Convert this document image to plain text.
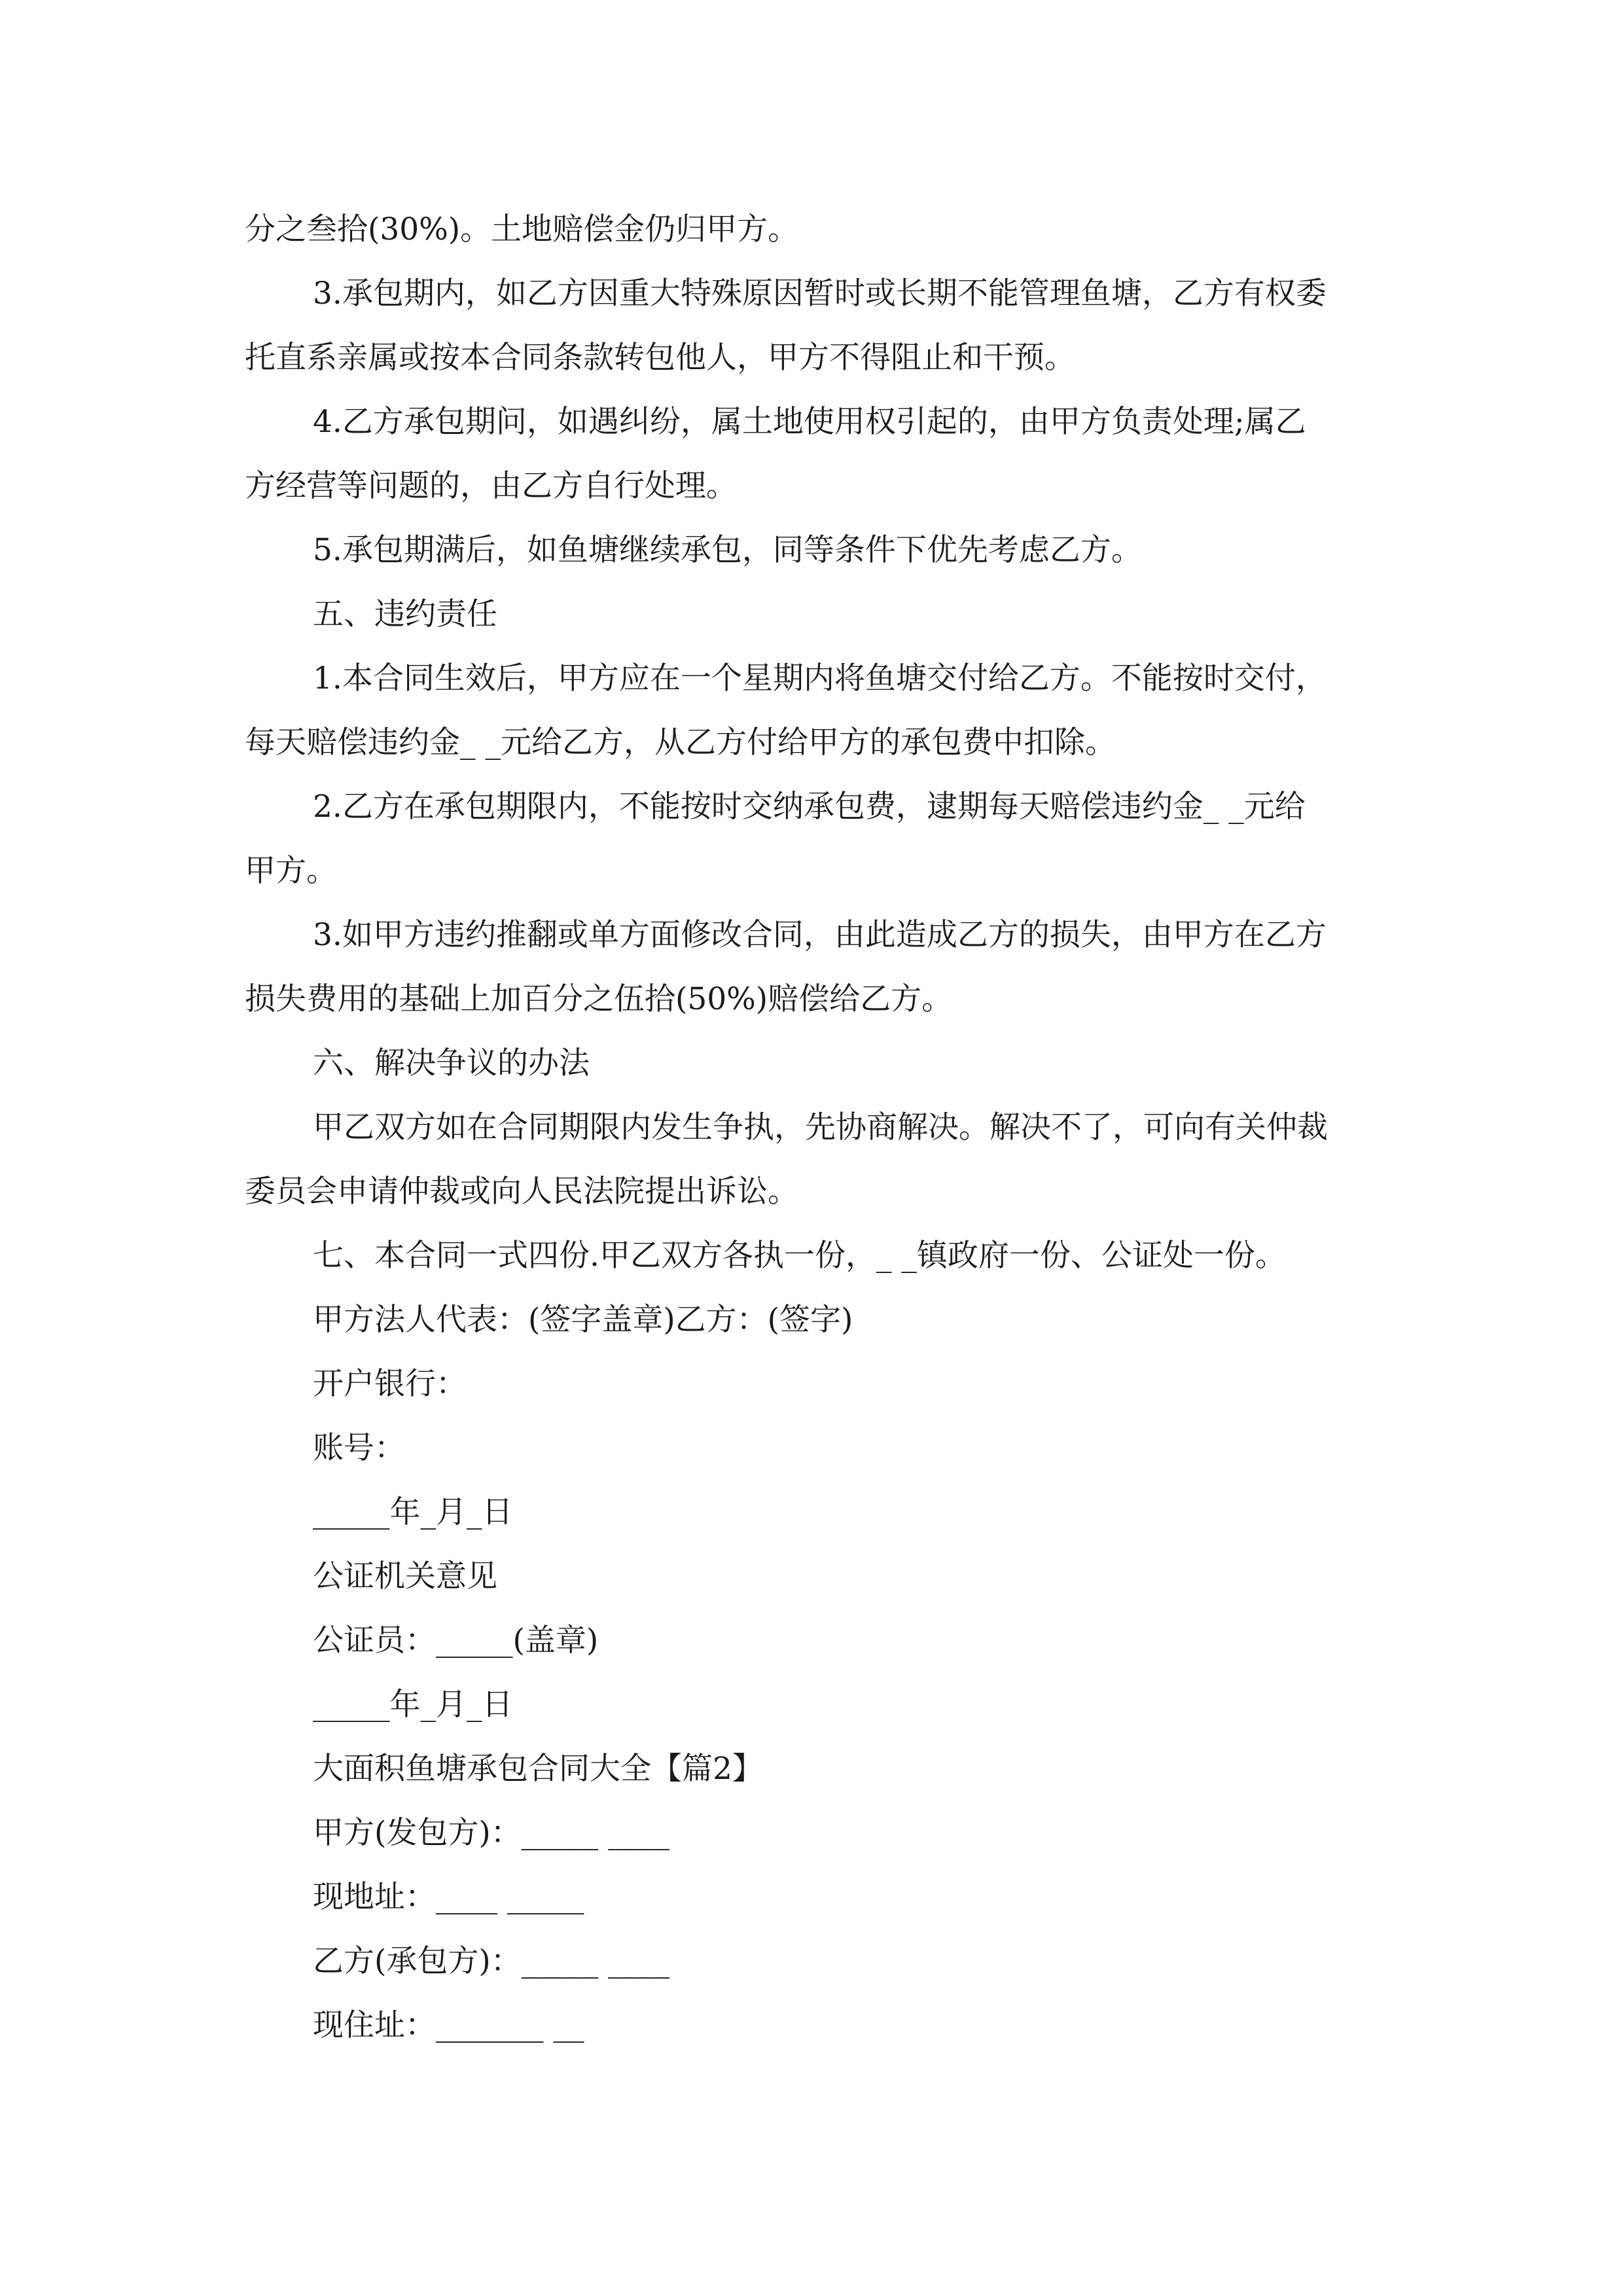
分之叁拾(30%)。土地赔偿金仍归甲方。
3.承包期内，如乙方因重大特殊原因暂时或长期不能管理鱼塘，乙方有权委
托直系亲属或按本合同条款转包他人，甲方不得阻止和干预。
4.乙方承包期问，如遇纠纷，属土地使用权引起的，由甲方负责处理;属乙
方经营等问题的，由乙方自行处理。
5.承包期满后，如鱼塘继续承包，同等条件下优先考虑乙方。
五、违约责任
1.本合同生效后，甲方应在一个星期内将鱼塘交付给乙方。不能按时交付，
每天赔偿违约金_ _元给乙方，从乙方付给甲方的承包费中扣除。
2.乙方在承包期限内，不能按时交纳承包费，逮期每天赔偿违约金_ _元给
甲方。
3.如甲方违约推翻或单方面修改合同，由此造成乙方的损失，由甲方在乙方
损失费用的基础上加百分之伍拾(50%)赔偿给乙方。
六、解决争议的办法
甲乙双方如在合同期限内发生争执，先协商解决。解决不了，可向有关仲裁
委员会申请仲裁或向人民法院提出诉讼。
七、本合同一式四份.甲乙双方各执一份，_ _镇政府一份、公证处一份。
甲方法人代表：(签字盖章)乙方：(签字)
开户银行：
账号：
_____年_月_日
公证机关意见
公证员：_____(盖章)
_____年_月_日
大面积鱼塘承包合同大全【篇2】
甲方(发包方)：_____ ____
现地址：____ _____
乙方(承包方)：_____ ____
现住址：_______ __
